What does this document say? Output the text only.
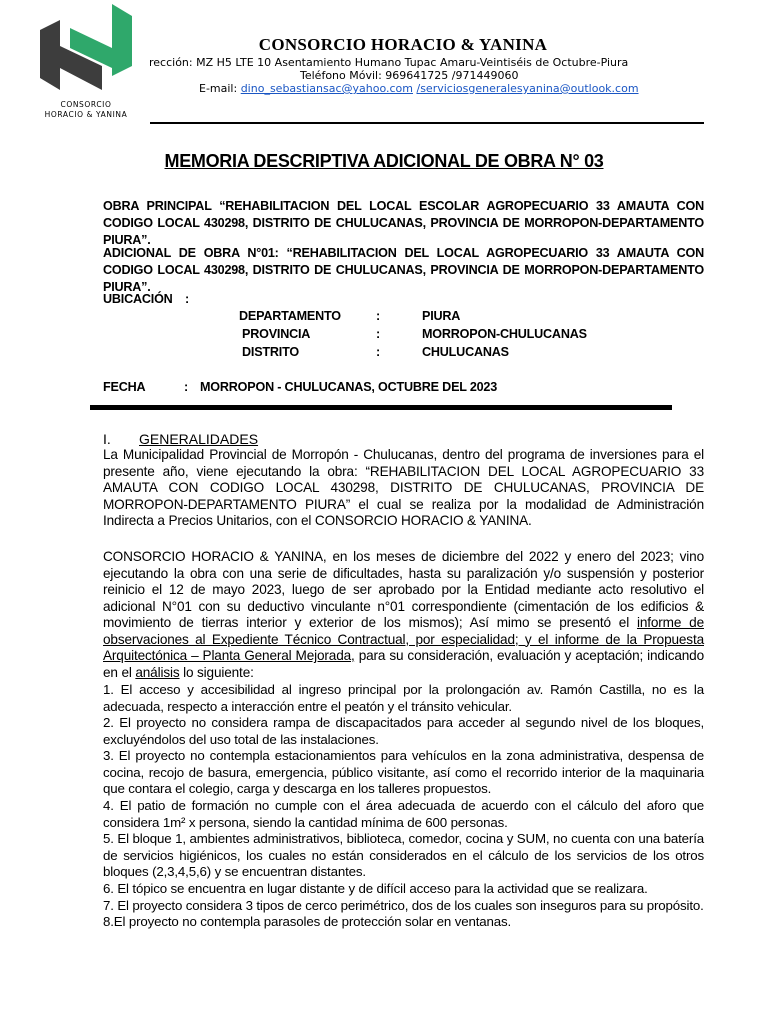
CONSORCIO
HORACIO & YANINA
CONSORCIO HORACIO & YANINA
rección: MZ H5 LTE 10 Asentamiento Humano Tupac Amaru-Veintiséis de Octubre-Piura
Teléfono Móvil: 969641725 /971449060
E-mail: dino_sebastiansac@yahoo.com /serviciosgeneralesyanina@outlook.com
MEMORIA DESCRIPTIVA ADICIONAL DE OBRA N° 03
OBRA PRINCIPAL “REHABILITACION DEL LOCAL ESCOLAR AGROPECUARIO 33 AMAUTA CON CODIGO LOCAL 430298, DISTRITO DE CHULUCANAS, PROVINCIA DE MORROPON-DEPARTAMENTO PIURA”.
ADICIONAL DE OBRA N°01: “REHABILITACION DEL LOCAL AGROPECUARIO 33 AMAUTA CON CODIGO LOCAL 430298, DISTRITO DE CHULUCANAS, PROVINCIA DE MORROPON-DEPARTAMENTO PIURA”.
UBICACIÓN :
DEPARTAMENTO	:	PIURA
PROVINCIA	:	MORROPON-CHULUCANAS
DISTRITO	:	CHULUCANAS
FECHA	: MORROPON - CHULUCANAS, OCTUBRE DEL 2023
I. GENERALIDADES
La Municipalidad Provincial de Morropón - Chulucanas, dentro del programa de inversiones para el presente año, viene ejecutando la obra: “REHABILITACION DEL LOCAL AGROPECUARIO 33 AMAUTA CON CODIGO LOCAL 430298, DISTRITO DE CHULUCANAS, PROVINCIA DE MORROPON-DEPARTAMENTO PIURA” el cual se realiza por la modalidad de Administración Indirecta a Precios Unitarios, con el CONSORCIO HORACIO & YANINA.
CONSORCIO HORACIO & YANINA, en los meses de diciembre del 2022 y enero del 2023; vino ejecutando la obra con una serie de dificultades, hasta su paralización y/o suspensión y posterior reinicio el 12 de mayo 2023, luego de ser aprobado por la Entidad mediante acto resolutivo el adicional N°01 con su deductivo vinculante n°01 correspondiente (cimentación de los edificios & movimiento de tierras interior y exterior de los mismos); Así mimo se presentó el informe de observaciones al Expediente Técnico Contractual, por especialidad; y el informe de la Propuesta Arquitectónica – Planta General Mejorada, para su consideración, evaluación y aceptación; indicando en el análisis lo siguiente:
1. El acceso y accesibilidad al ingreso principal por la prolongación av. Ramón Castilla, no es la adecuada, respecto a interacción entre el peatón y el tránsito vehicular.
2. El proyecto no considera rampa de discapacitados para acceder al segundo nivel de los bloques, excluyéndolos del uso total de las instalaciones.
3. El proyecto no contempla estacionamientos para vehículos en la zona administrativa, despensa de cocina, recojo de basura, emergencia, público visitante, así como el recorrido interior de la maquinaria que contara el colegio, carga y descarga en los talleres propuestos.
4. El patio de formación no cumple con el área adecuada de acuerdo con el cálculo del aforo que considera 1m² x persona, siendo la cantidad mínima de 600 personas.
5. El bloque 1, ambientes administrativos, biblioteca, comedor, cocina y SUM, no cuenta con una batería de servicios higiénicos, los cuales no están considerados en el cálculo de los servicios de los otros bloques (2,3,4,5,6) y se encuentran distantes.
6. El tópico se encuentra en lugar distante y de difícil acceso para la actividad que se realizara.
7. El proyecto considera 3 tipos de cerco perimétrico, dos de los cuales son inseguros para su propósito.
8.El proyecto no contempla parasoles de protección solar en ventanas.
